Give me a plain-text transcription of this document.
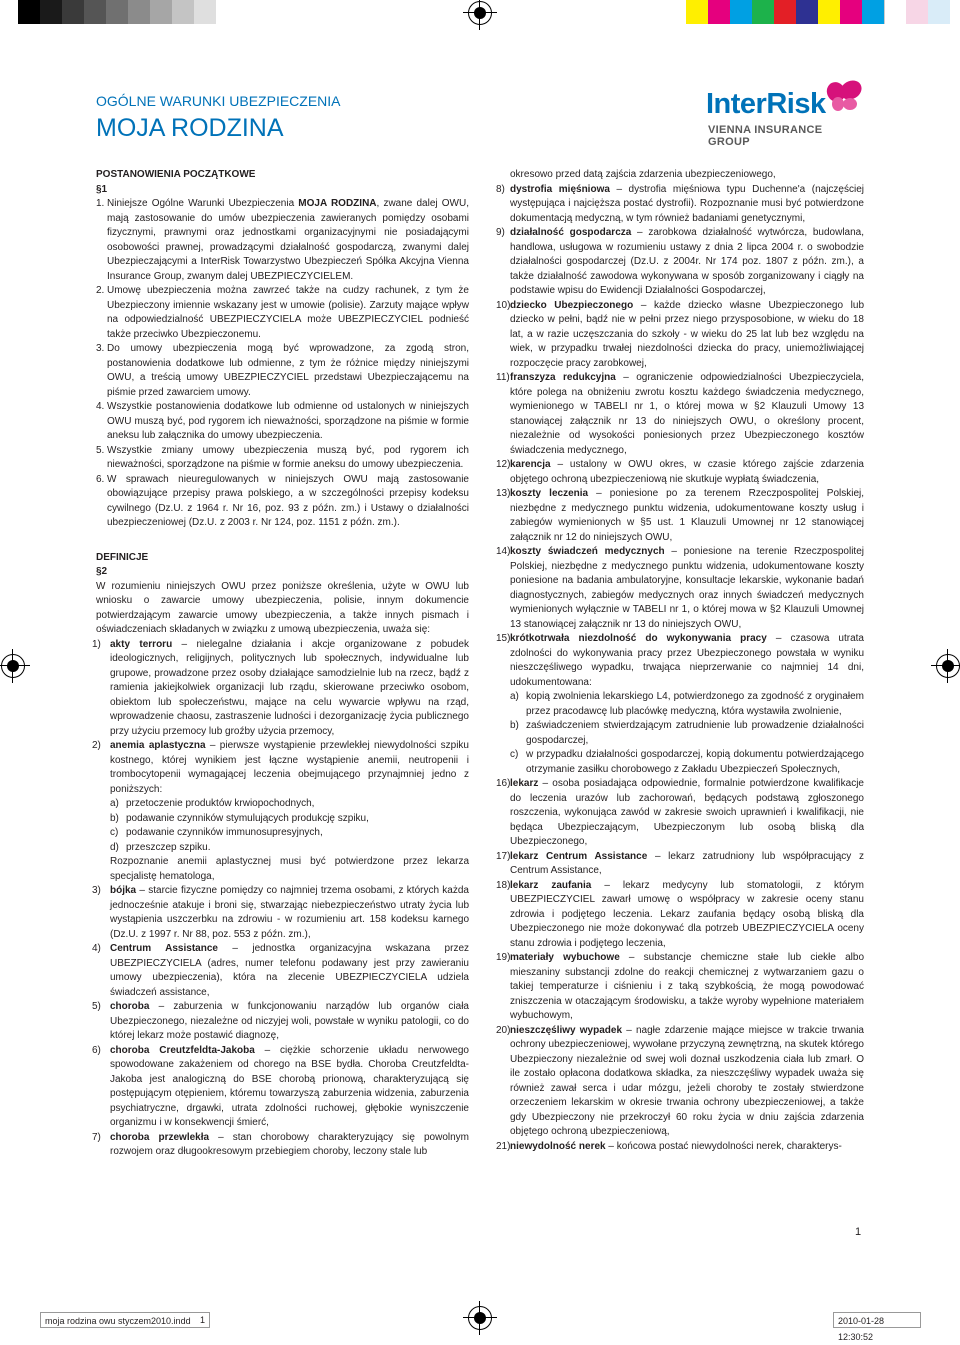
OGÓLNE WARUNKI UBEZPIECZENIA
MOJA RODZINA
InterRisk
VIENNA INSURANCE GROUP

POSTANOWIENIA POCZĄTKOWE

§1

1. Niniejsze Ogólne Warunki Ubezpieczenia MOJA RODZINA, zwane dalej OWU, mają zastosowanie do umów ubezpieczenia zawieranych pomiędzy osobami fizycznymi, prawnymi oraz jednostkami organizacyjnymi nie posiadającymi osobowości prawnej, prowadzącymi działalność gospodarczą, zwanymi dalej Ubezpieczającymi a InterRisk Towarzystwo Ubezpieczeń Spółka Akcyjna Vienna Insurance Group, zwanym dalej UBEZPIECZYCIELEM.

2. Umowę ubezpieczenia można zawrzeć także na cudzy rachunek, z tym że Ubezpieczony imiennie wskazany jest w umowie (polisie). Zarzuty mające wpływ na odpowiedzialność UBEZPIECZYCIELA może UBEZPIECZYCIEL podnieść także przeciwko Ubezpieczonemu.

3. Do umowy ubezpieczenia mogą być wprowadzone, za zgodą stron, postanowienia dodatkowe lub odmienne, z tym że różnice między niniejszymi OWU, a treścią umowy UBEZPIECZYCIEL przedstawi Ubezpieczającemu na piśmie przed zawarciem umowy.

4. Wszystkie postanowienia dodatkowe lub odmienne od ustalonych w niniejszych OWU muszą być, pod rygorem ich nieważności, sporządzone na piśmie w formie aneksu lub załącznika do umowy ubezpieczenia.

5. Wszystkie zmiany umowy ubezpieczenia muszą być, pod rygorem ich nieważności, sporządzone na piśmie w formie aneksu do umowy ubezpieczenia.

6. W sprawach nieuregulowanych w niniejszych OWU mają zastosowanie obowiązujące przepisy prawa polskiego, a w szczególności przepisy kodeksu cywilnego (Dz.U. z 1964 r. Nr 16, poz. 93 z późn. zm.) i Ustawy o działalności ubezpieczeniowej (Dz.U. z 2003 r. Nr 124, poz. 1151 z późn. zm.).

DEFINICJE

§2

W rozumieniu niniejszych OWU przez poniższe określenia, użyte w OWU lub wniosku o zawarcie umowy ubezpieczenia, polisie, innym dokumencie potwierdzającym zawarcie umowy ubezpieczenia, a także innych pismach i oświadczeniach składanych w związku z umową ubezpieczenia, uważa się:

1) akty terroru – nielegalne działania i akcje organizowane z pobudek ideologicznych, religijnych, politycznych lub społecznych, indywidualne lub grupowe, prowadzone przez osoby działające samodzielnie lub na rzecz, bądź z ramienia jakiejkolwiek organizacji lub rządu, skierowane przeciwko osobom, obiektom lub społeczeństwu, mające na celu wywarcie wpływu na rząd, wprowadzenie chaosu, zastraszenie ludności i dezorganizację życia publicznego przy użyciu przemocy lub groźby użycia przemocy,

2) anemia aplastyczna – pierwsze wystąpienie przewlekłej niewydolności szpiku kostnego, której wynikiem jest łączne wystąpienie anemii, neutropenii i trombocytopenii wymagającej leczenia obejmującego przynajmniej jedno z poniższych:

a) przetoczenie produktów krwiopochodnych,

b) podawanie czynników stymulujących produkcję szpiku,

c) podawanie czynników immunosupresyjnych,

d) przeszczep szpiku.

Rozpoznanie anemii aplastycznej musi być potwierdzone przez lekarza specjalistę hematologa,

3) bójka – starcie fizyczne pomiędzy co najmniej trzema osobami, z których każda jednocześnie atakuje i broni się, stwarzając niebezpieczeństwo utraty życia lub wystąpienia uszczerbku na zdrowiu - w rozumieniu art. 158 kodeksu karnego (Dz.U. z 1997 r. Nr 88, poz. 553 z późn. zm.),

4) Centrum Assistance – jednostka organizacyjna wskazana przez UBEZPIECZYCIELA (adres, numer telefonu podawany jest przy zawieraniu umowy ubezpieczenia), która na zlecenie UBEZPIECZYCIELA udziela świadczeń assistance,

5) choroba – zaburzenia w funkcjonowaniu narządów lub organów ciała Ubezpieczonego, niezależne od niczyjej woli, powstałe w wyniku patologii, co do której lekarz może postawić diagnozę,

6) choroba Creutzfeldta-Jakoba – ciężkie schorzenie układu nerwowego spowodowane zakażeniem od chorego na BSE bydła. Choroba Creutzfeldta-Jakoba jest analogiczną do BSE chorobą prionową, charakteryzującą się postępującym otępieniem, któremu towarzyszą zaburzenia widzenia, zaburzenia psychiatryczne, drgawki, utrata zdolności ruchowej, głębokie wyniszczenie organizmu i w konsekwencji śmierć,

7) choroba przewlekła – stan chorobowy charakteryzujący się powolnym rozwojem oraz długookresowym przebiegiem choroby, leczony stale lub

okresowo przed datą zajścia zdarzenia ubezpieczeniowego,

8) dystrofia mięśniowa – dystrofia mięśniowa typu Duchenne'a (najczęściej występująca i najcięższa postać dystrofii). Rozpoznanie musi być potwierdzone dokumentacją medyczną, w tym również badaniami genetycznymi,

9) działalność gospodarcza – zarobkowa działalność wytwórcza, budowlana, handlowa, usługowa w rozumieniu ustawy z dnia 2 lipca 2004 r. o swobodzie działalności gospodarczej (Dz.U. z 2004r. Nr 174 poz. 1807 z późn. zm.), a także działalność zawodowa wykonywana w sposób zorganizowany i ciągły na podstawie wpisu do Ewidencji Działalności Gospodarczej,

10) dziecko Ubezpieczonego – każde dziecko własne Ubezpieczonego lub dziecko w pełni, bądź nie w pełni przez niego przysposobione, w wieku do 18 lat, a w razie uczęszczania do szkoły - w wieku do 25 lat lub bez względu na wiek, w przypadku trwałej niezdolności dziecka do pracy, uniemożliwiającej rozpoczęcie pracy zarobkowej,

11) franszyza redukcyjna – ograniczenie odpowiedzialności Ubezpieczyciela, które polega na obniżeniu zwrotu kosztu każdego świadczenia medycznego, wymienionego w TABELI nr 1, o której mowa w §2 Klauzuli Umowy 13 stanowiącej załącznik nr 13 do niniejszych OWU, o określony procent, niezależnie od wysokości poniesionych przez Ubezpieczonego kosztów świadczenia medycznego,

12) karencja – ustalony w OWU okres, w czasie którego zajście zdarzenia objętego ochroną ubezpieczeniową nie skutkuje wypłatą świadczenia,

13) koszty leczenia – poniesione po za terenem Rzeczpospolitej Polskiej, niezbędne z medycznego punktu widzenia, udokumentowane koszty usług i zabiegów wymienionych w §5 ust. 1 Klauzuli Umownej nr 12 stanowiącej załącznik nr 12 do niniejszych OWU,

14) koszty świadczeń medycznych – poniesione na terenie Rzeczpospolitej Polskiej, niezbędne z medycznego punktu widzenia, udokumentowane koszty poniesione na badania ambulatoryjne, konsultacje lekarskie, wykonanie badań diagnostycznych, zabiegów medycznych oraz innych świadczeń medycznych wymienionych wyłącznie w TABELI nr 1, o której mowa w §2 Klauzuli Umownej 13 stanowiącej załącznik nr 13 do niniejszych OWU,

15) krótkotrwała niezdolność do wykonywania pracy – czasowa utrata zdolności do wykonywania pracy przez Ubezpieczonego powstała w wyniku nieszczęśliwego wypadku, trwająca nieprzerwanie co najmniej 14 dni, udokumentowana:

a) kopią zwolnienia lekarskiego L4, potwierdzonego za zgodność z oryginałem przez pracodawcę lub placówkę medyczną, która wystawiła zwolnienie,

b) zaświadczeniem stwierdzającym zatrudnienie lub prowadzenie działalności gospodarczej,

c) w przypadku działalności gospodarczej, kopią dokumentu potwierdzającego otrzymanie zasiłku chorobowego z Zakładu Ubezpieczeń Społecznych,

16) lekarz – osoba posiadająca odpowiednie, formalnie potwierdzone kwalifikacje do leczenia urazów lub zachorowań, będących podstawą zgłoszonego roszczenia, wykonująca zawód w zakresie swoich uprawnień i kwalifikacji, nie będąca Ubezpieczającym, Ubezpieczonym lub osobą bliską dla Ubezpieczonego,

17) lekarz Centrum Assistance – lekarz zatrudniony lub współpracujący z Centrum Assistance,

18) lekarz zaufania – lekarz medycyny lub stomatologii, z którym UBEZPIECZYCIEL zawarł umowę o współpracy w zakresie oceny stanu zdrowia i podjętego leczenia. Lekarz zaufania będący osobą bliską dla Ubezpieczonego nie może dokonywać dla potrzeb UBEZPIECZYCIELA oceny stanu zdrowia i podjętego leczenia,

19) materiały wybuchowe – substancje chemiczne stałe lub ciekłe albo mieszaniny substancji zdolne do reakcji chemicznej z wytwarzaniem gazu o takiej temperaturze i ciśnieniu i z taką szybkością, że mogą powodować zniszczenia w otaczającym środowisku, a także wyroby wypełnione materiałem wybuchowym,

20) nieszczęśliwy wypadek – nagłe zdarzenie mające miejsce w trakcie trwania ochrony ubezpieczeniowej, wywołane przyczyną zewnętrzną, na skutek którego Ubezpieczony niezależnie od swej woli doznał uszkodzenia ciała lub zmarł. O ile zostało opłacona dodatkowa składka, za nieszczęśliwy wypadek uważa się również zawał serca i udar mózgu, jeżeli choroby te zostały stwierdzone orzeczeniem lekarskim w okresie trwania ochrony ubezpieczeniowej, a także gdy Ubezpieczony nie przekroczył 60 roku życia w dniu zajścia zdarzenia objętego ochroną ubezpieczeniową,

21) niewydolność nerek – końcowa postać niewydolności nerek, charakterys-

1
moja rodzina owu styczem2010.indd	1	2010-01-28 12:30:52
